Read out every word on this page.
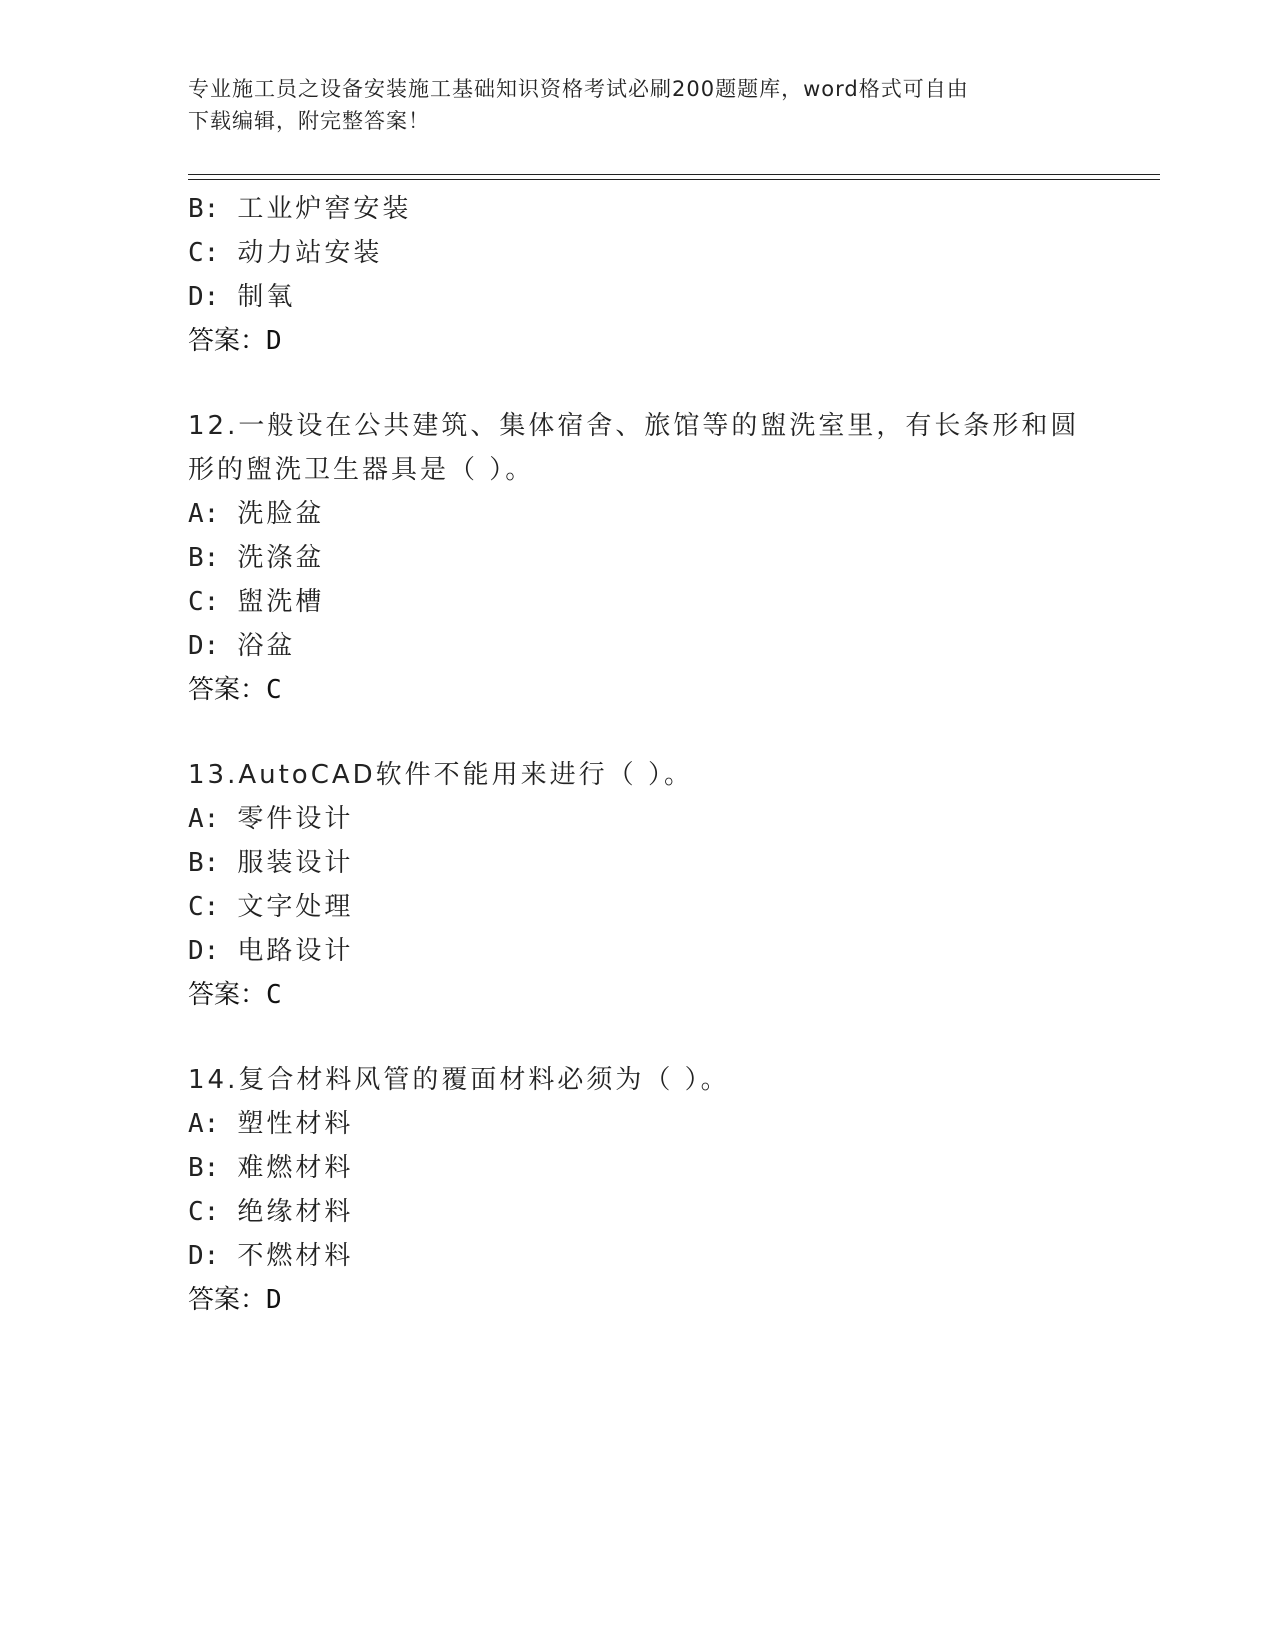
专业施工员之设备安装施工基础知识资格考试必刷200题题库，word格式可自由
下载编辑，附完整答案！
B: 工业炉窖安装
C: 动力站安装
D: 制氧
答案：D
12.一般设在公共建筑、集体宿舍、旅馆等的盥洗室里，有长条形和圆
形的盥洗卫生器具是（ ）。
A: 洗脸盆
B: 洗涤盆
C: 盥洗槽
D: 浴盆
答案：C
13.AutoCAD软件不能用来进行（ ）。
A: 零件设计
B: 服装设计
C: 文字处理
D: 电路设计
答案：C
14.复合材料风管的覆面材料必须为（ ）。
A: 塑性材料
B: 难燃材料
C: 绝缘材料
D: 不燃材料
答案：D
